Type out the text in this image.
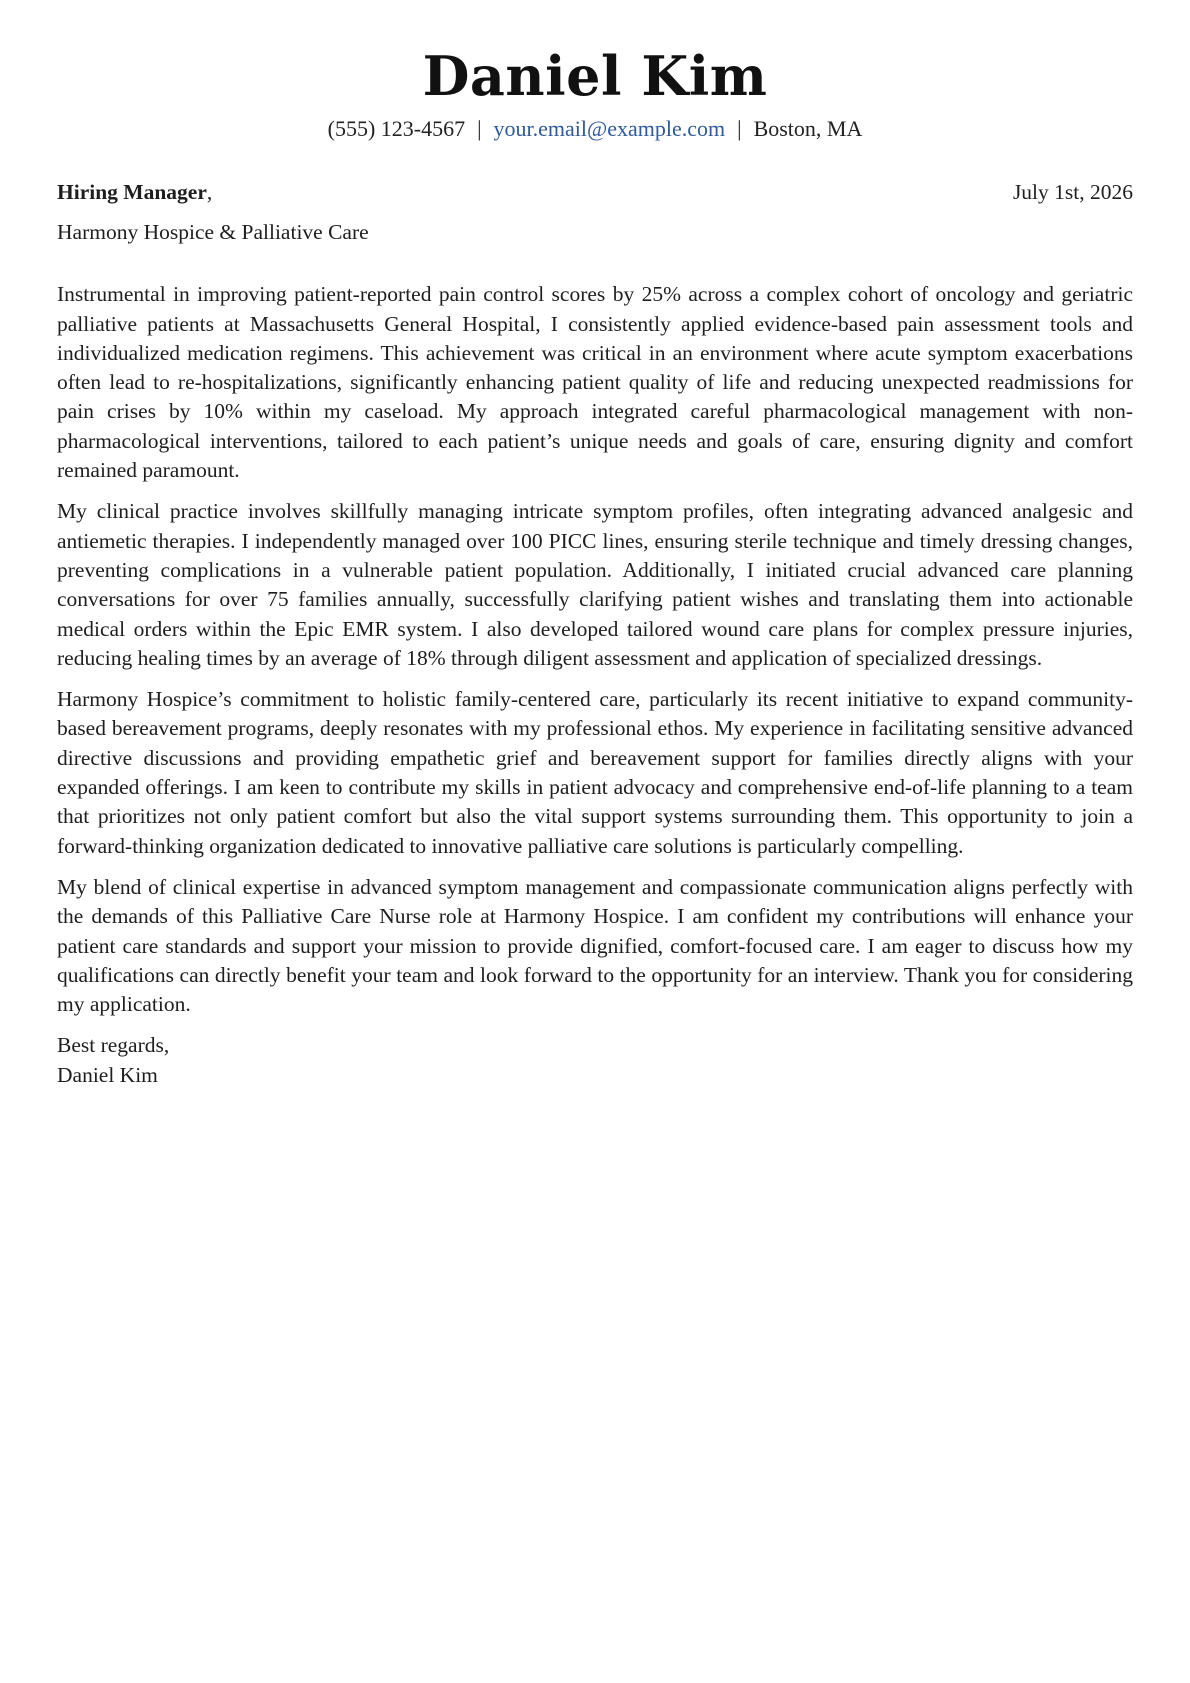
Daniel Kim
(555) 123-4567 | your.email@example.com | Boston, MA
Hiring Manager,	July 1st, 2026
Harmony Hospice & Palliative Care

Instrumental in improving patient-reported pain control scores by 25% across a complex cohort of oncology and geriatric palliative patients at Massachusetts General Hospital, I consistently applied evidence-based pain assessment tools and individualized medication regimens. This achievement was critical in an environment where acute symptom exacerbations often lead to re-hospitalizations, significantly enhancing patient quality of life and reducing unexpected readmissions for pain crises by 10% within my caseload. My approach integrated careful pharmacological management with non-pharmacological interventions, tailored to each patient’s unique needs and goals of care, ensuring dignity and comfort remained paramount.

My clinical practice involves skillfully managing intricate symptom profiles, often integrating advanced analgesic and antiemetic therapies. I independently managed over 100 PICC lines, ensuring sterile technique and timely dressing changes, preventing complications in a vulnerable patient population. Additionally, I initiated crucial advanced care planning conversations for over 75 families annually, successfully clarifying patient wishes and translating them into actionable medical orders within the Epic EMR system. I also developed tailored wound care plans for complex pressure injuries, reducing healing times by an average of 18% through diligent assessment and application of specialized dressings.

Harmony Hospice’s commitment to holistic family-centered care, particularly its recent initiative to expand community-based bereavement programs, deeply resonates with my professional ethos. My experience in facilitating sensitive advanced directive discussions and providing empathetic grief and bereavement support for families directly aligns with your expanded offerings. I am keen to contribute my skills in patient advocacy and comprehensive end-of-life planning to a team that prioritizes not only patient comfort but also the vital support systems surrounding them. This opportunity to join a forward-thinking organization dedicated to innovative palliative care solutions is particularly compelling.

My blend of clinical expertise in advanced symptom management and compassionate communication aligns perfectly with the demands of this Palliative Care Nurse role at Harmony Hospice. I am confident my contributions will enhance your patient care standards and support your mission to provide dignified, comfort-focused care. I am eager to discuss how my qualifications can directly benefit your team and look forward to the opportunity for an interview. Thank you for considering my application.

Best regards,
Daniel Kim
